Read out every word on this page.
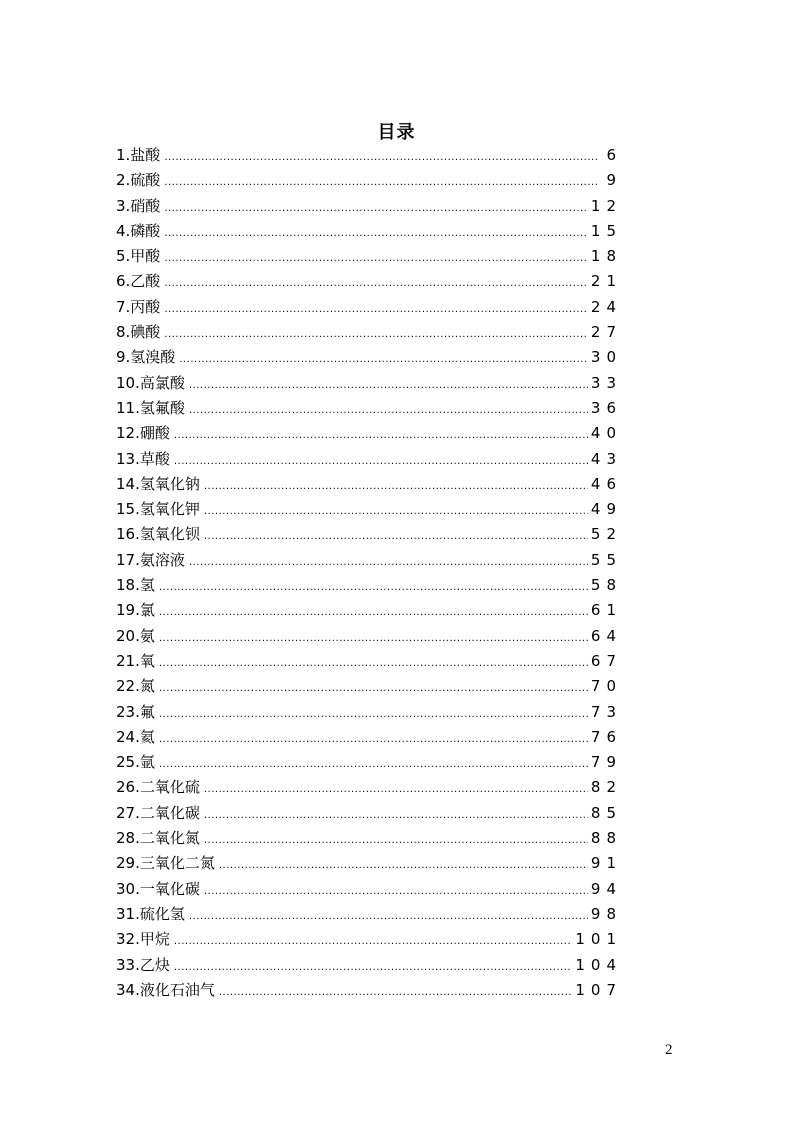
目录
1.盐酸 .....	6
2.硫酸 .....	9
3.硝酸 .....	12
4.磷酸 .....	15
5.甲酸 .....	18
6.乙酸 .....	21
7.丙酸 .....	24
8.碘酸 .....	27
9.氢溴酸 .....	30
10.高氯酸 .....	33
11.氢氟酸 .....	36
12.硼酸 .....	40
13.草酸 .....	43
14.氢氧化钠 .....	46
15.氢氧化钾 .....	49
16.氢氧化钡 .....	52
17.氨溶液 .....	55
18.氢 .....	58
19.氯 .....	61
20.氨 .....	64
21.氧 .....	67
22.氮 .....	70
23.氟 .....	73
24.氦 .....	76
25.氩 .....	79
26.二氧化硫 .....	82
27.二氧化碳 .....	85
28.二氧化氮 .....	88
29.三氧化二氮 .....	91
30.一氧化碳 .....	94
31.硫化氢 .....	98
32.甲烷 .....	101
33.乙炔 .....	104
34.液化石油气 .....	107
2
